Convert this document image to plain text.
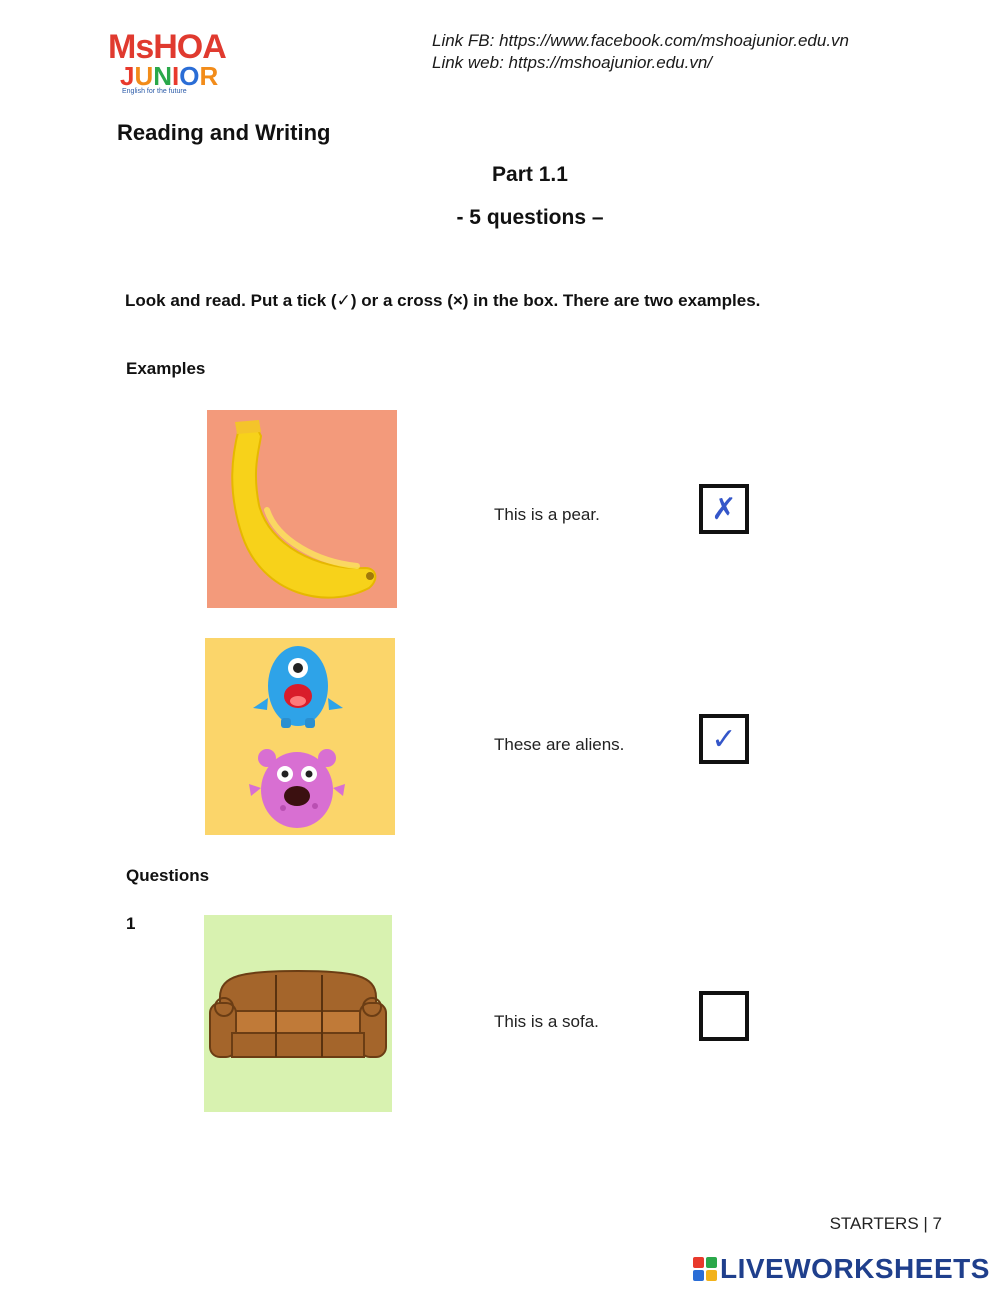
MsHOA
JUNIOR
English for the future
Link FB: https://www.facebook.com/mshoajunior.edu.vn
Link web: https://mshoajunior.edu.vn/
Reading and Writing
Part 1.1
- 5 questions –
Look and read. Put a tick (✓) or a cross (×) in the box. There are two examples.
Examples
This is a pear.	✗
These are aliens.	✓
Questions
1
This is a sofa.
STARTERS | 7
LIVEWORKSHEETS
